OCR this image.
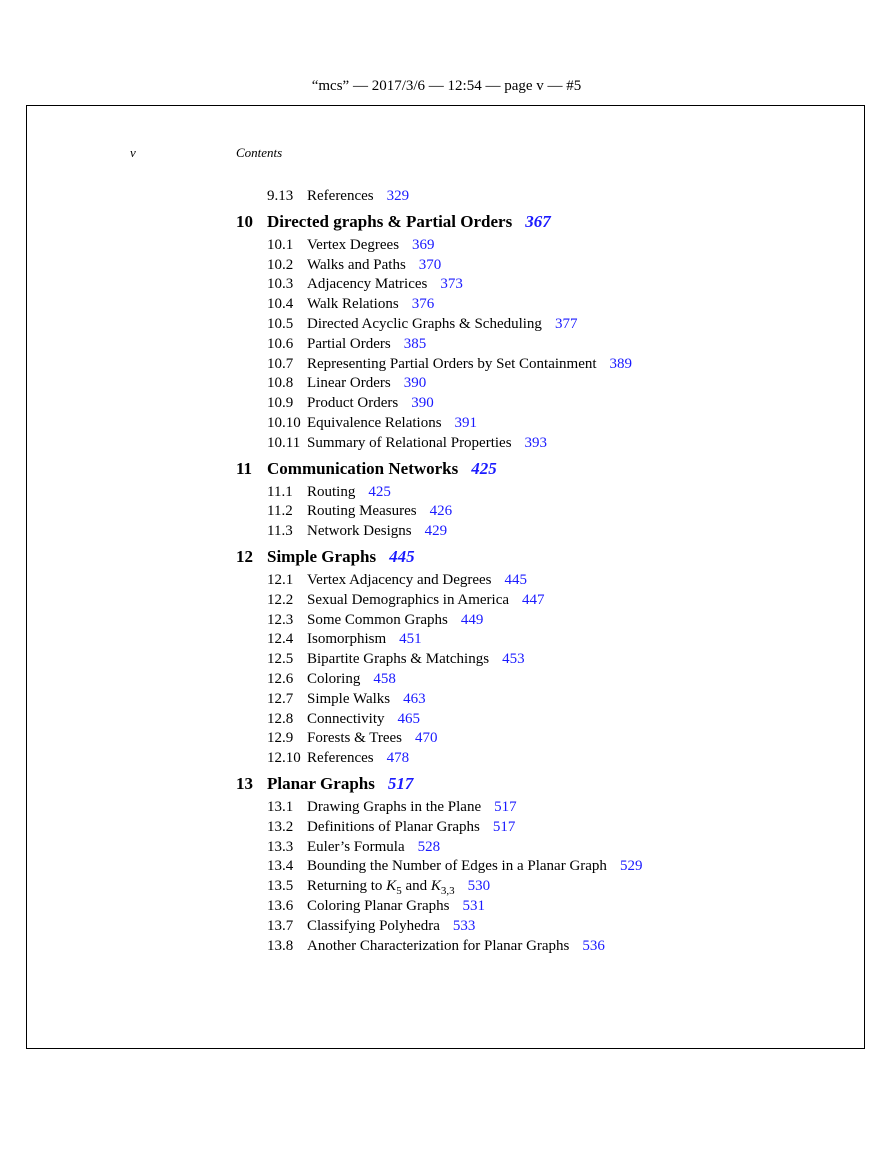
“mcs” — 2017/3/6 — 12:54 — page v — #5
v	Contents
9.13 References 329
10 Directed graphs & Partial Orders 367
10.1 Vertex Degrees 369
10.2 Walks and Paths 370
10.3 Adjacency Matrices 373
10.4 Walk Relations 376
10.5 Directed Acyclic Graphs & Scheduling 377
10.6 Partial Orders 385
10.7 Representing Partial Orders by Set Containment 389
10.8 Linear Orders 390
10.9 Product Orders 390
10.10 Equivalence Relations 391
10.11 Summary of Relational Properties 393
11 Communication Networks 425
11.1 Routing 425
11.2 Routing Measures 426
11.3 Network Designs 429
12 Simple Graphs 445
12.1 Vertex Adjacency and Degrees 445
12.2 Sexual Demographics in America 447
12.3 Some Common Graphs 449
12.4 Isomorphism 451
12.5 Bipartite Graphs & Matchings 453
12.6 Coloring 458
12.7 Simple Walks 463
12.8 Connectivity 465
12.9 Forests & Trees 470
12.10 References 478
13 Planar Graphs 517
13.1 Drawing Graphs in the Plane 517
13.2 Definitions of Planar Graphs 517
13.3 Euler’s Formula 528
13.4 Bounding the Number of Edges in a Planar Graph 529
13.5 Returning to $K_5$ and $K_{3,3}$ 530
13.6 Coloring Planar Graphs 531
13.7 Classifying Polyhedra 533
13.8 Another Characterization for Planar Graphs 536
